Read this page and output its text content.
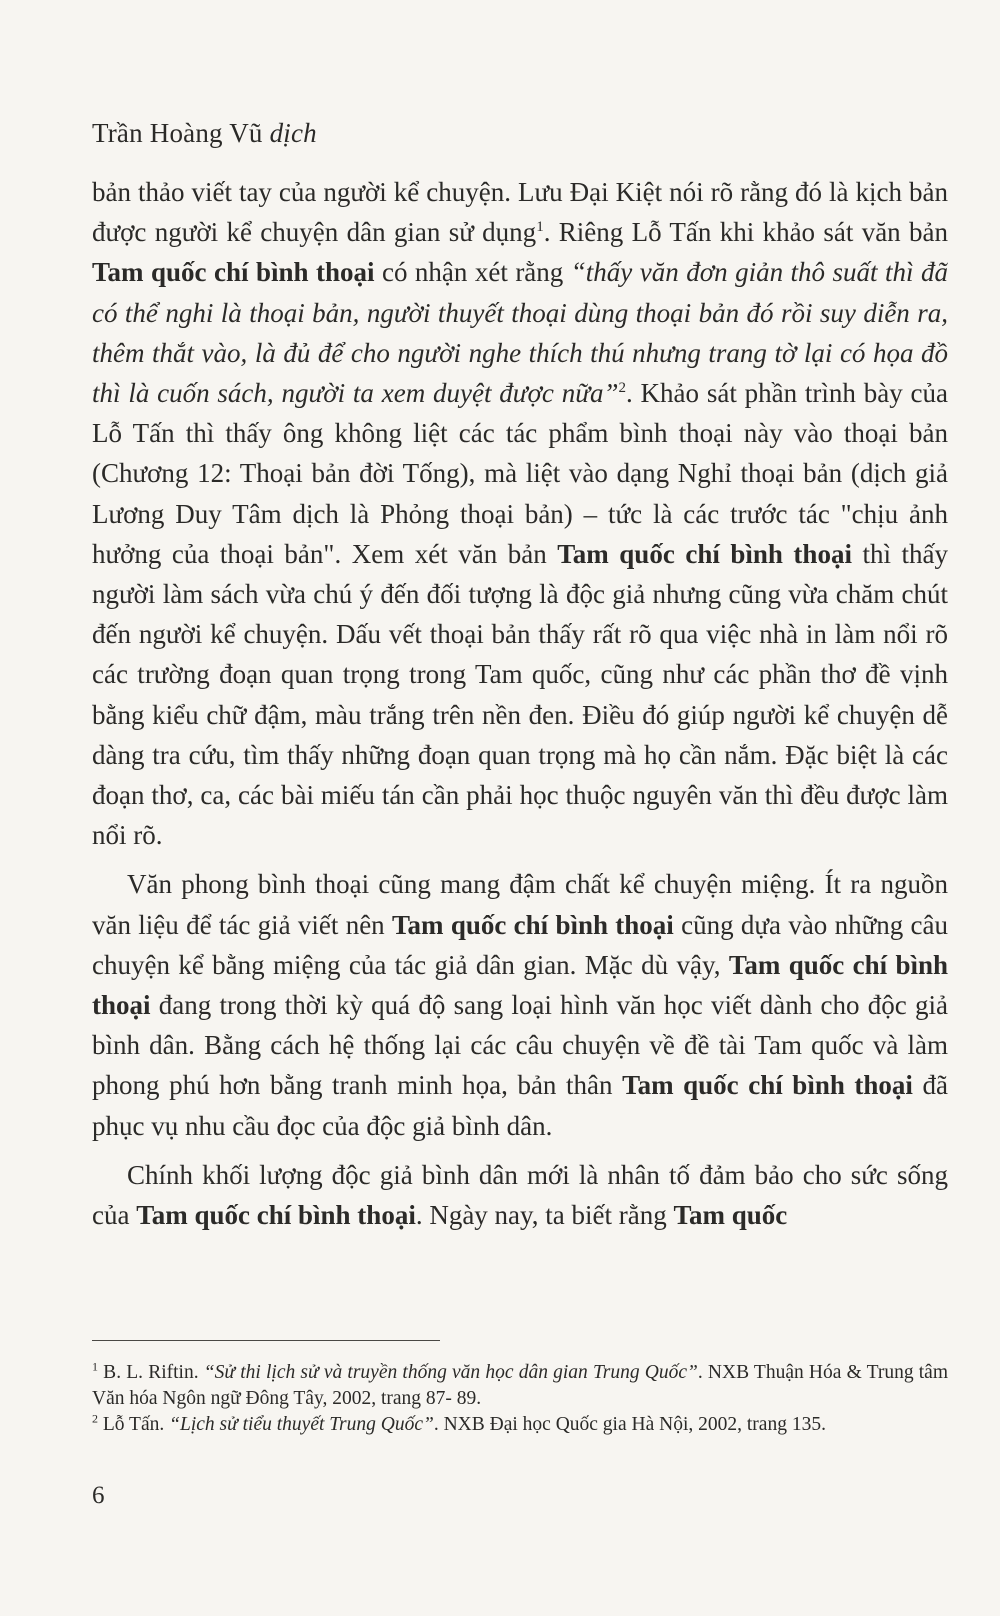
Trần Hoàng Vũ dịch

bản thảo viết tay của người kể chuyện. Lưu Đại Kiệt nói rõ rằng đó là kịch bản được người kể chuyện dân gian sử dụng$^1$. Riêng Lỗ Tấn khi khảo sát văn bản Tam quốc chí bình thoại có nhận xét rằng “thấy văn đơn giản thô suất thì đã có thể nghi là thoại bản, người thuyết thoại dùng thoại bản đó rồi suy diễn ra, thêm thắt vào, là đủ để cho người nghe thích thú nhưng trang tờ lại có họa đồ thì là cuốn sách, người ta xem duyệt được nữa”$^2$. Khảo sát phần trình bày của Lỗ Tấn thì thấy ông không liệt các tác phẩm bình thoại này vào thoại bản (Chương 12: Thoại bản đời Tống), mà liệt vào dạng Nghỉ thoại bản (dịch giả Lương Duy Tâm dịch là Phỏng thoại bản) – tức là các trước tác "chịu ảnh hưởng của thoại bản". Xem xét văn bản Tam quốc chí bình thoại thì thấy người làm sách vừa chú ý đến đối tượng là độc giả nhưng cũng vừa chăm chút đến người kể chuyện. Dấu vết thoại bản thấy rất rõ qua việc nhà in làm nổi rõ các trường đoạn quan trọng trong Tam quốc, cũng như các phần thơ đề vịnh bằng kiểu chữ đậm, màu trắng trên nền đen. Điều đó giúp người kể chuyện dễ dàng tra cứu, tìm thấy những đoạn quan trọng mà họ cần nắm. Đặc biệt là các đoạn thơ, ca, các bài miếu tán cần phải học thuộc nguyên văn thì đều được làm nổi rõ.

Văn phong bình thoại cũng mang đậm chất kể chuyện miệng. Ít ra nguồn văn liệu để tác giả viết nên Tam quốc chí bình thoại cũng dựa vào những câu chuyện kể bằng miệng của tác giả dân gian. Mặc dù vậy, Tam quốc chí bình thoại đang trong thời kỳ quá độ sang loại hình văn học viết dành cho độc giả bình dân. Bằng cách hệ thống lại các câu chuyện về đề tài Tam quốc và làm phong phú hơn bằng tranh minh họa, bản thân Tam quốc chí bình thoại đã phục vụ nhu cầu đọc của độc giả bình dân.

Chính khối lượng độc giả bình dân mới là nhân tố đảm bảo cho sức sống của Tam quốc chí bình thoại. Ngày nay, ta biết rằng Tam quốc

$^1$ B. L. Riftin. “Sử thi lịch sử và truyền thống văn học dân gian Trung Quốc”. NXB Thuận Hóa & Trung tâm Văn hóa Ngôn ngữ Đông Tây, 2002, trang 87- 89.

$^2$ Lỗ Tấn. “Lịch sử tiểu thuyết Trung Quốc”. NXB Đại học Quốc gia Hà Nội, 2002, trang 135.

6
